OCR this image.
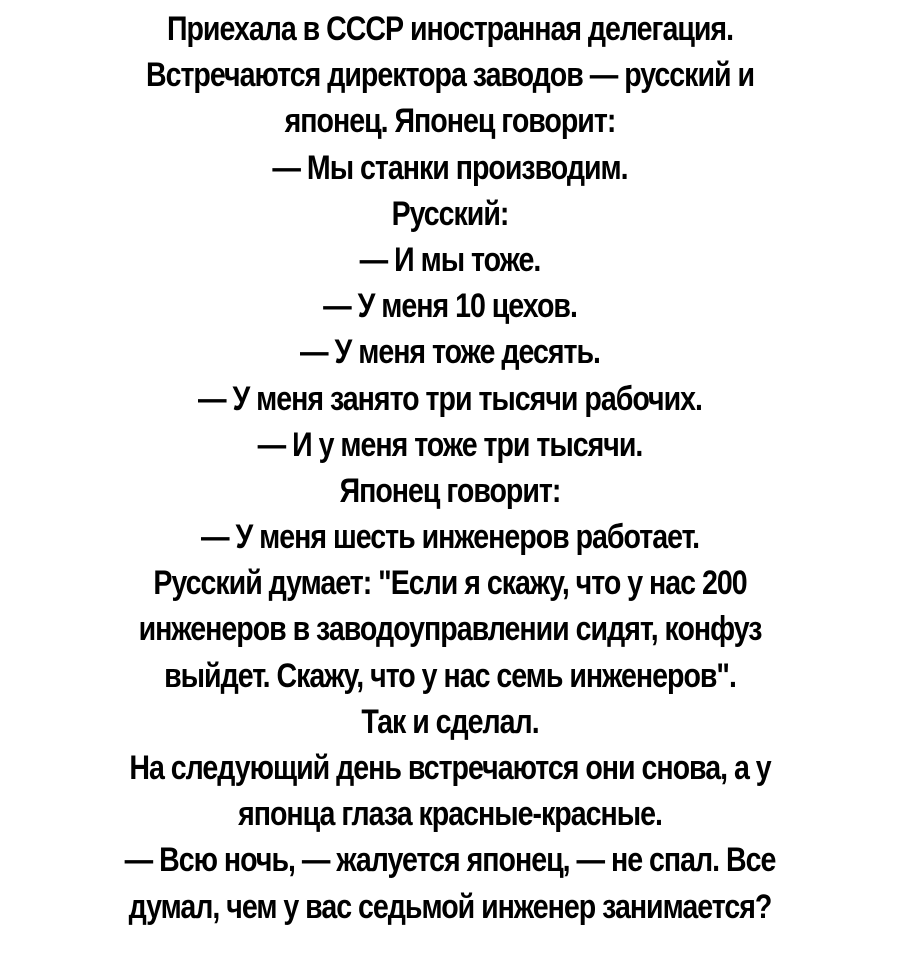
Приехала в СССР иностранная делегация.
Встречаются директора заводов — русский и
японец. Японец говорит:
— Мы станки производим.
Русский:
— И мы тоже.
— У меня 10 цехов.
— У меня тоже десять.
— У меня занято три тысячи рабочих.
— И у меня тоже три тысячи.
Японец говорит:
— У меня шесть инженеров работает.
Русский думает: "Если я скажу, что у нас 200
инженеров в заводоуправлении сидят, конфуз
выйдет. Скажу, что у нас семь инженеров".
Так и сделал.
На следующий день встречаются они снова, а у
японца глаза красные-красные.
— Всю ночь, — жалуется японец, — не спал. Все
думал, чем у вас седьмой инженер занимается?
